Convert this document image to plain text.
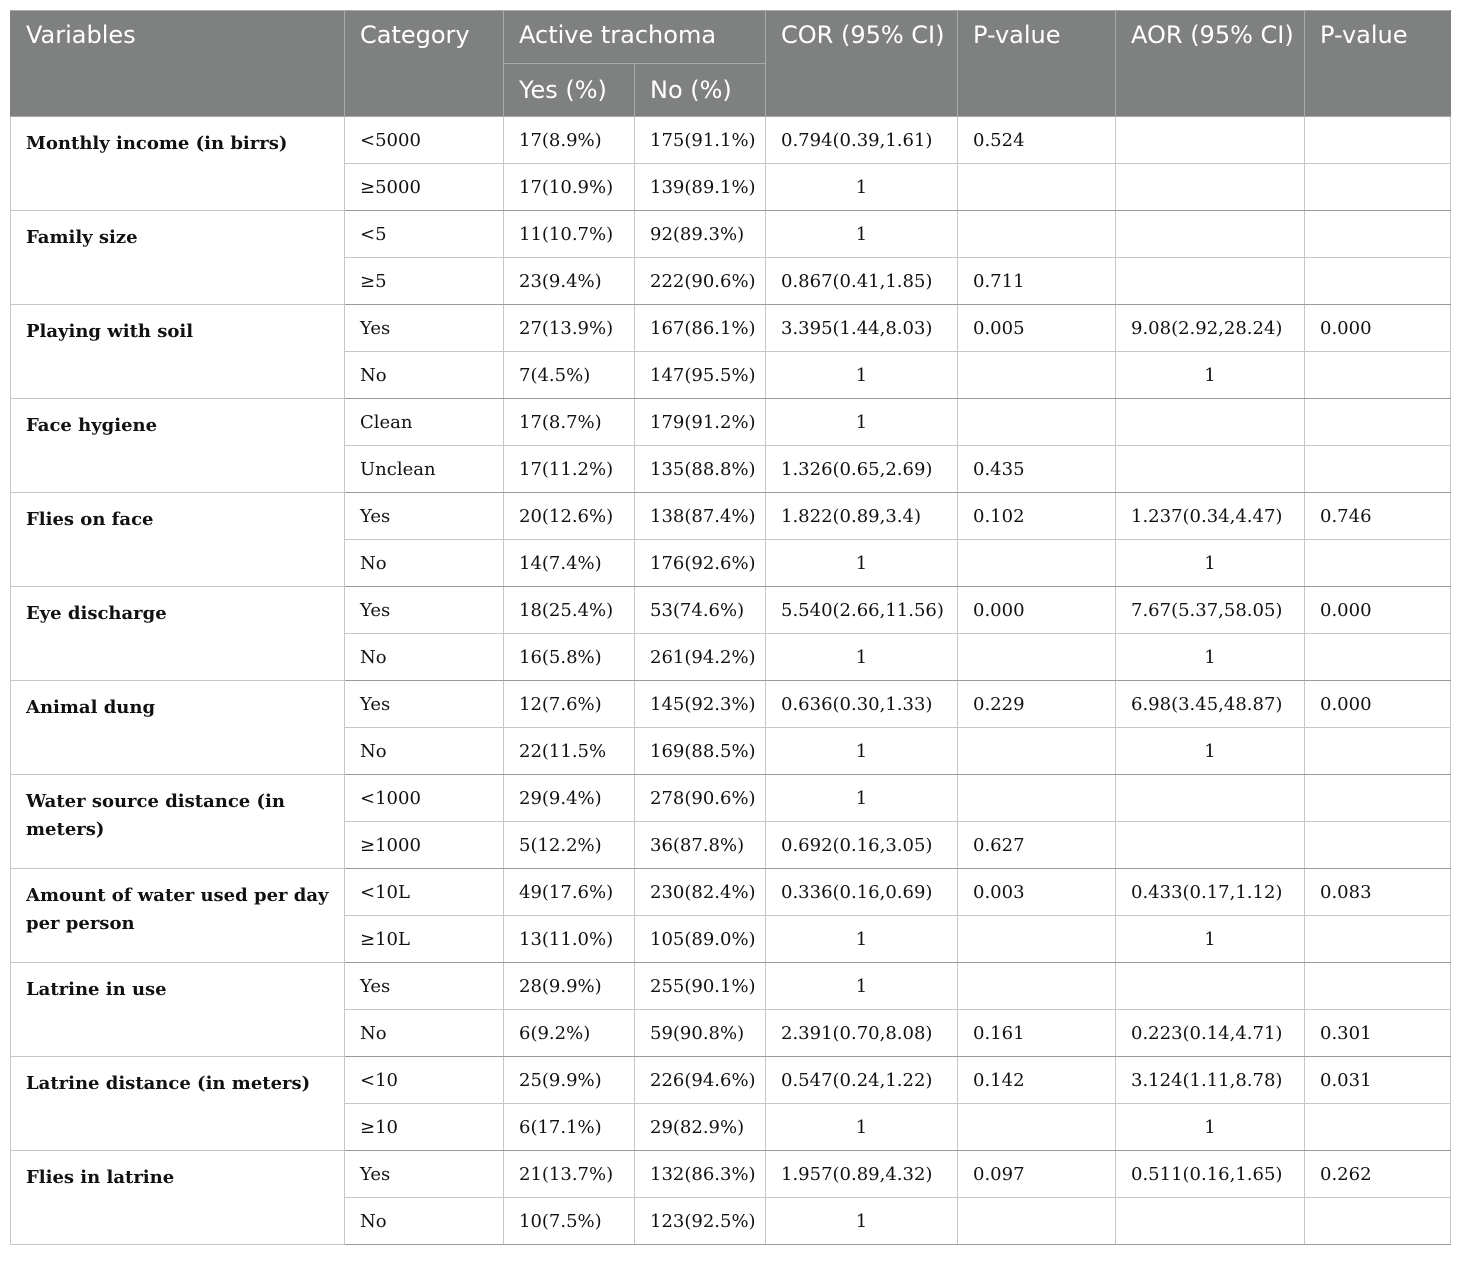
Variables	Category	Active trachoma		COR (95% CI)	P-value	AOR (95% CI)	P-value
		Yes (%)	No (%)				
Monthly income (in birrs)	<5000	17(8.9%)	175(91.1%)	0.794(0.39,1.61)	0.524		
	≥5000	17(10.9%)	139(89.1%)	1			
Family size	<5	11(10.7%)	92(89.3%)	1			
	≥5	23(9.4%)	222(90.6%)	0.867(0.41,1.85)	0.711		
Playing with soil	Yes	27(13.9%)	167(86.1%)	3.395(1.44,8.03)	0.005	9.08(2.92,28.24)	0.000
	No	7(4.5%)	147(95.5%)	1		1	
Face hygiene	Clean	17(8.7%)	179(91.2%)	1			
	Unclean	17(11.2%)	135(88.8%)	1.326(0.65,2.69)	0.435		
Flies on face	Yes	20(12.6%)	138(87.4%)	1.822(0.89,3.4)	0.102	1.237(0.34,4.47)	0.746
	No	14(7.4%)	176(92.6%)	1		1	
Eye discharge	Yes	18(25.4%)	53(74.6%)	5.540(2.66,11.56)	0.000	7.67(5.37,58.05)	0.000
	No	16(5.8%)	261(94.2%)	1		1	
Animal dung	Yes	12(7.6%)	145(92.3%)	0.636(0.30,1.33)	0.229	6.98(3.45,48.87)	0.000
	No	22(11.5%	169(88.5%)	1		1	
Water source distance (in meters)	<1000	29(9.4%)	278(90.6%)	1			
	≥1000	5(12.2%)	36(87.8%)	0.692(0.16,3.05)	0.627		
Amount of water used per day per person	<10L	49(17.6%)	230(82.4%)	0.336(0.16,0.69)	0.003	0.433(0.17,1.12)	0.083
	≥10L	13(11.0%)	105(89.0%)	1		1	
Latrine in use	Yes	28(9.9%)	255(90.1%)	1			
	No	6(9.2%)	59(90.8%)	2.391(0.70,8.08)	0.161	0.223(0.14,4.71)	0.301
Latrine distance (in meters)	<10	25(9.9%)	226(94.6%)	0.547(0.24,1.22)	0.142	3.124(1.11,8.78)	0.031
	≥10	6(17.1%)	29(82.9%)	1		1	
Flies in latrine	Yes	21(13.7%)	132(86.3%)	1.957(0.89,4.32)	0.097	0.511(0.16,1.65)	0.262
	No	10(7.5%)	123(92.5%)	1			
